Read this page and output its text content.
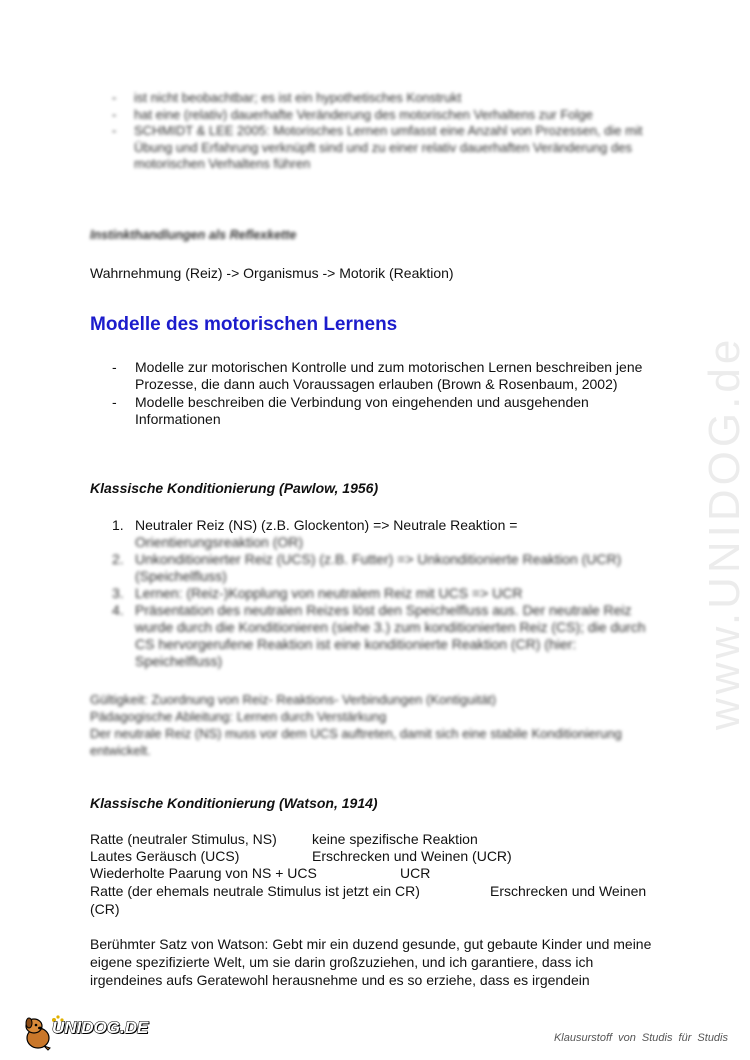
- ist nicht beobachtbar; es ist ein hypothetisches Konstrukt
- hat eine (relativ) dauerhafte Veränderung des motorischen Verhaltens zur Folge
- SCHMIDT & LEE 2005: Motorisches Lernen umfasst eine Anzahl von Prozessen, die mit Übung und Erfahrung verknüpft sind und zu einer relativ dauerhaften Veränderung des motorischen Verhaltens führen
Instinkthandlungen als Reflexkette
Wahrnehmung (Reiz) -> Organismus -> Motorik (Reaktion)
Modelle des motorischen Lernens
- Modelle zur motorischen Kontrolle und zum motorischen Lernen beschreiben jene Prozesse, die dann auch Voraussagen erlauben (Brown & Rosenbaum, 2002)
- Modelle beschreiben die Verbindung von eingehenden und ausgehenden Informationen
Klassische Konditionierung (Pawlow, 1956)
1. Neutraler Reiz (NS) (z.B. Glockenton) => Neutrale Reaktion =
Orientierungsreaktion (OR)
2. Unkonditionierter Reiz (UCS) (z.B. Futter) => Unkonditionierte Reaktion (UCR) (Speichelfluss)
3. Lernen: (Reiz-)Kopplung von neutralem Reiz mit UCS => UCR
4. Präsentation des neutralen Reizes löst den Speichelfluss aus. Der neutrale Reiz wurde durch die Konditionieren (siehe 3.) zum konditionierten Reiz (CS); die durch CS hervorgerufene Reaktion ist eine konditionierte Reaktion (CR) (hier: Speichelfluss)
Gültigkeit: Zuordnung von Reiz- Reaktions- Verbindungen (Kontiguität)
Pädagogische Ableitung: Lernen durch Verstärkung
Der neutrale Reiz (NS) muss vor dem UCS auftreten, damit sich eine stabile Konditionierung entwickelt.
Klassische Konditionierung (Watson, 1914)
Ratte (neutraler Stimulus, NS)	keine spezifische Reaktion
Lautes Geräusch (UCS)	Erschrecken und Weinen (UCR)
Wiederholte Paarung von NS + UCS	UCR
Ratte (der ehemals neutrale Stimulus ist jetzt ein CR)	Erschrecken und Weinen
(CR)
Berühmter Satz von Watson: Gebt mir ein duzend gesunde, gut gebaute Kinder und meine eigene spezifizierte Welt, um sie darin großzuziehen, und ich garantiere, dass ich irgendeines aufs Geratewohl herausnehme und es so erziehe, dass es irgendein
www.UNIDOG.de
UNIDOG.DE
Klausurstoff von Studis für Studis
